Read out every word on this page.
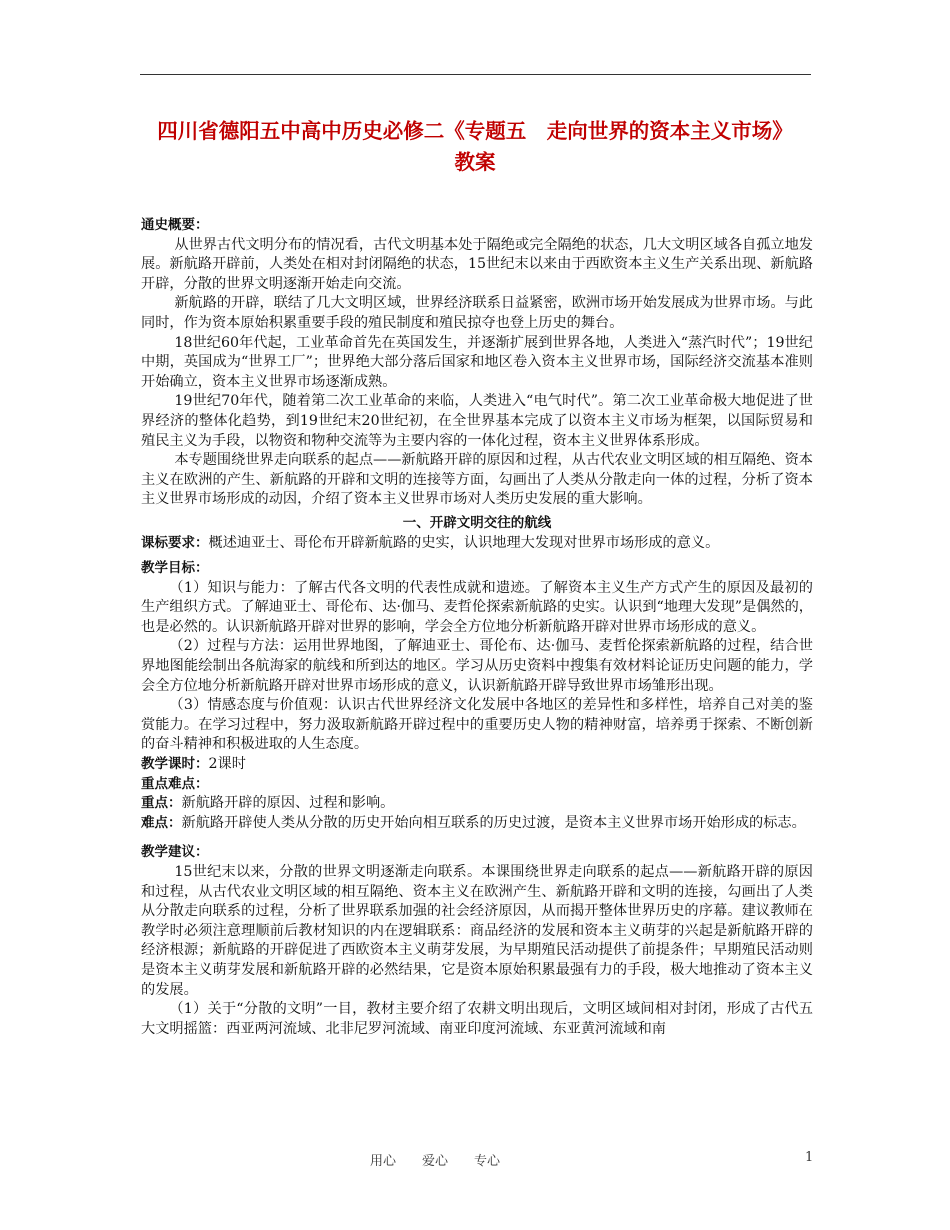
四川省德阳五中高中历史必修二《专题五　走向世界的资本主义市场》
教案

通史概要：

从世界古代文明分布的情况看，古代文明基本处于隔绝或完全隔绝的状态，几大文明区域各自孤立地发展。新航路开辟前，人类处在相对封闭隔绝的状态，15世纪末以来由于西欧资本主义生产关系出现、新航路开辟，分散的世界文明逐渐开始走向交流。

新航路的开辟，联结了几大文明区域，世界经济联系日益紧密，欧洲市场开始发展成为世界市场。与此同时，作为资本原始积累重要手段的殖民制度和殖民掠夺也登上历史的舞台。

18世纪60年代起，工业革命首先在英国发生，并逐渐扩展到世界各地，人类进入“蒸汽时代”；19世纪中期，英国成为“世界工厂”；世界绝大部分落后国家和地区卷入资本主义世界市场，国际经济交流基本准则开始确立，资本主义世界市场逐渐成熟。

19世纪70年代，随着第二次工业革命的来临，人类进入“电气时代”。第二次工业革命极大地促进了世界经济的整体化趋势，到19世纪末20世纪初，在全世界基本完成了以资本主义市场为框架，以国际贸易和殖民主义为手段，以物资和物种交流等为主要内容的一体化过程，资本主义世界体系形成。

本专题围绕世界走向联系的起点——新航路开辟的原因和过程，从古代农业文明区域的相互隔绝、资本主义在欧洲的产生、新航路的开辟和文明的连接等方面，勾画出了人类从分散走向一体的过程，分析了资本主义世界市场形成的动因，介绍了资本主义世界市场对人类历史发展的重大影响。

一、开辟文明交往的航线

课标要求：概述迪亚士、哥伦布开辟新航路的史实，认识地理大发现对世界市场形成的意义。

教学目标：

（1）知识与能力：了解古代各文明的代表性成就和遗迹。了解资本主义生产方式产生的原因及最初的生产组织方式。了解迪亚士、哥伦布、达·伽马、麦哲伦探索新航路的史实。认识到“地理大发现”是偶然的，也是必然的。认识新航路开辟对世界的影响，学会全方位地分析新航路开辟对世界市场形成的意义。

（2）过程与方法：运用世界地图，了解迪亚士、哥伦布、达·伽马、麦哲伦探索新航路的过程，结合世界地图能绘制出各航海家的航线和所到达的地区。学习从历史资料中搜集有效材料论证历史问题的能力，学会全方位地分析新航路开辟对世界市场形成的意义，认识新航路开辟导致世界市场雏形出现。

（3）情感态度与价值观：认识古代世界经济文化发展中各地区的差异性和多样性，培养自己对美的鉴赏能力。在学习过程中，努力汲取新航路开辟过程中的重要历史人物的精神财富，培养勇于探索、不断创新的奋斗精神和积极进取的人生态度。

教学课时：2课时

重点难点：

重点：新航路开辟的原因、过程和影响。

难点：新航路开辟使人类从分散的历史开始向相互联系的历史过渡，是资本主义世界市场开始形成的标志。

教学建议：

15世纪末以来，分散的世界文明逐渐走向联系。本课围绕世界走向联系的起点——新航路开辟的原因和过程，从古代农业文明区域的相互隔绝、资本主义在欧洲产生、新航路开辟和文明的连接，勾画出了人类从分散走向联系的过程，分析了世界联系加强的社会经济原因，从而揭开整体世界历史的序幕。建议教师在教学时必须注意理顺前后教材知识的内在逻辑联系：商品经济的发展和资本主义萌芽的兴起是新航路开辟的经济根源；新航路的开辟促进了西欧资本主义萌芽发展，为早期殖民活动提供了前提条件；早期殖民活动则是资本主义萌芽发展和新航路开辟的必然结果，它是资本原始积累最强有力的手段，极大地推动了资本主义的发展。

（1）关于“分散的文明”一目，教材主要介绍了农耕文明出现后，文明区域间相对封闭，形成了古代五大文明摇篮：西亚两河流域、北非尼罗河流域、南亚印度河流域、东亚黄河流域和南

用心　　爱心　　专心	1
